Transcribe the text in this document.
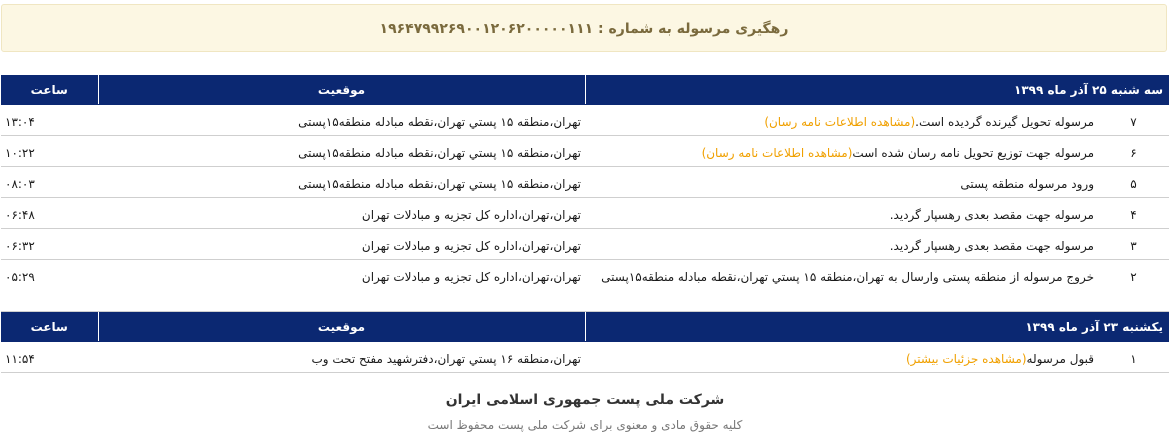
رهگیری مرسوله به شماره : ۱۹۶۴۷۹۹۲۶۹۰۰۱۲۰۶۲۰۰۰۰۰۱۱۱
سه شنبه ۲۵ آذر ماه ۱۳۹۹		موقعیت	ساعت
۷	مرسوله تحویل گیرنده گردیده است.(مشاهده اطلاعات نامه رسان)	تهران،منطقه ۱۵ پستي تهران،نقطه مبادله منطقه۱۵پستی	۱۳:۰۴
۶	مرسوله جهت توزیع تحویل نامه رسان شده است(مشاهده اطلاعات نامه رسان)	تهران،منطقه ۱۵ پستي تهران،نقطه مبادله منطقه۱۵پستی	۱۰:۲۲
۵	ورود مرسوله منطقه پستی	تهران،منطقه ۱۵ پستي تهران،نقطه مبادله منطقه۱۵پستی	۰۸:۰۳
۴	مرسوله جهت مقصد بعدی رهسپار گردید.	تهران،تهران،اداره کل تجزیه و مبادلات تهران	۰۶:۴۸
۳	مرسوله جهت مقصد بعدی رهسپار گردید.	تهران،تهران،اداره کل تجزیه و مبادلات تهران	۰۶:۳۲
۲	خروج مرسوله از منطقه پستی وارسال به تهران،منطقه ۱۵ پستي تهران،نقطه مبادله منطقه۱۵پستی	تهران،تهران،اداره کل تجزیه و مبادلات تهران	۰۵:۲۹
یکشنبه ۲۳ آذر ماه ۱۳۹۹		موقعیت	ساعت
۱	قبول مرسوله(مشاهده جزئیات بیشتر)	تهران،منطقه ۱۶ پستي تهران،دفترشهید مفتح تحت وب	۱۱:۵۴
شرکت ملی پست جمهوری اسلامی ایران
کلیه حقوق مادی و معنوی برای شرکت ملی پست محفوظ است
